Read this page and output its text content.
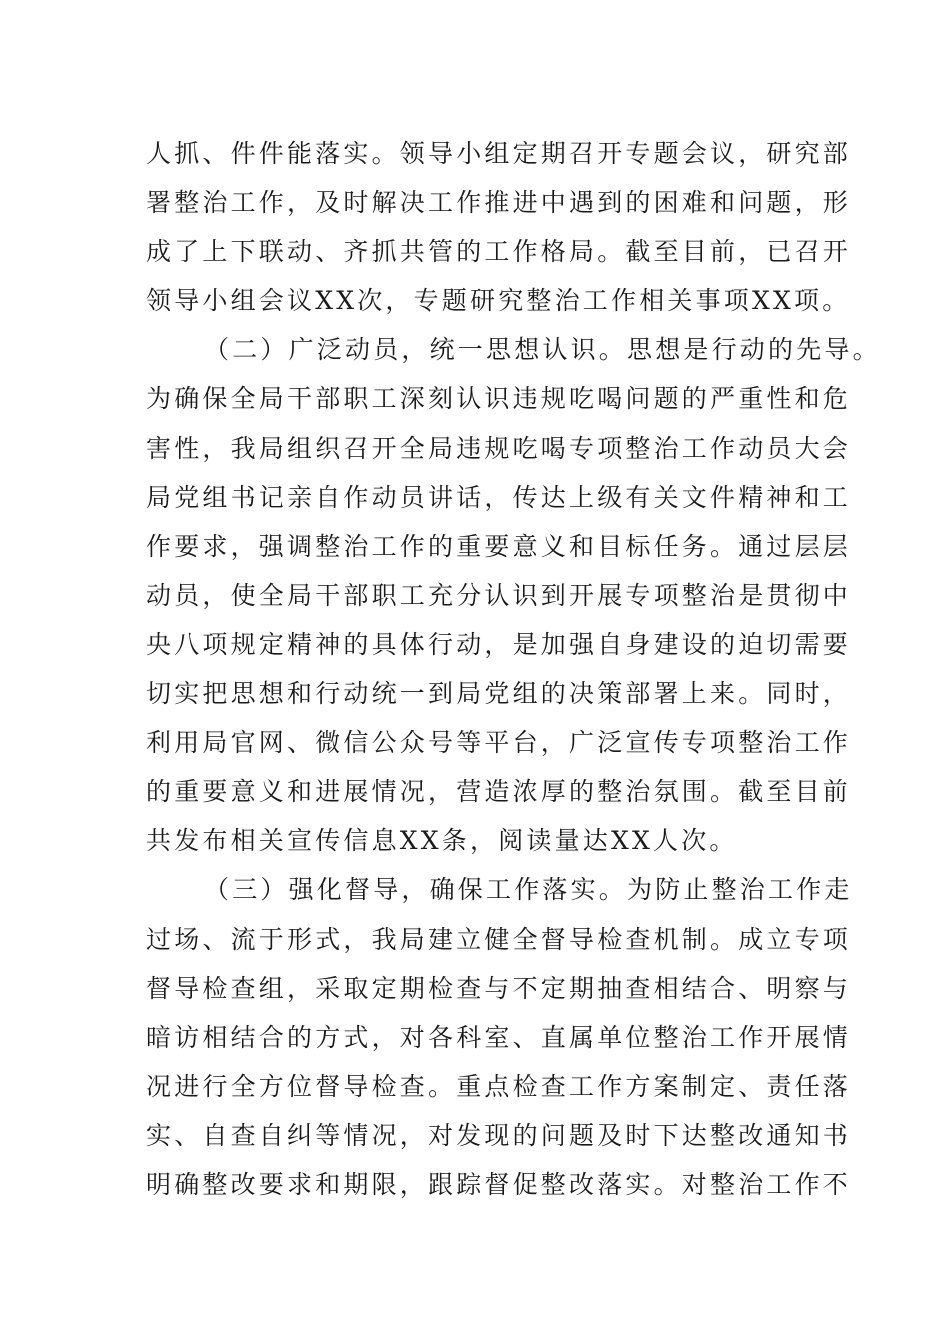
人抓、件件能落实。领导小组定期召开专题会议，研究部
署整治工作，及时解决工作推进中遇到的困难和问题，形
成了上下联动、齐抓共管的工作格局。截至目前，已召开
领导小组会议XX次，专题研究整治工作相关事项XX项。
（二）广泛动员，统一思想认识。思想是行动的先导。
为确保全局干部职工深刻认识违规吃喝问题的严重性和危
害性，我局组织召开全局违规吃喝专项整治工作动员大会
局党组书记亲自作动员讲话，传达上级有关文件精神和工
作要求，强调整治工作的重要意义和目标任务。通过层层
动员，使全局干部职工充分认识到开展专项整治是贯彻中
央八项规定精神的具体行动，是加强自身建设的迫切需要
切实把思想和行动统一到局党组的决策部署上来。同时，
利用局官网、微信公众号等平台，广泛宣传专项整治工作
的重要意义和进展情况，营造浓厚的整治氛围。截至目前
共发布相关宣传信息XX条，阅读量达XX人次。
（三）强化督导，确保工作落实。为防止整治工作走
过场、流于形式，我局建立健全督导检查机制。成立专项
督导检查组，采取定期检查与不定期抽查相结合、明察与
暗访相结合的方式，对各科室、直属单位整治工作开展情
况进行全方位督导检查。重点检查工作方案制定、责任落
实、自查自纠等情况，对发现的问题及时下达整改通知书
明确整改要求和期限，跟踪督促整改落实。对整治工作不
